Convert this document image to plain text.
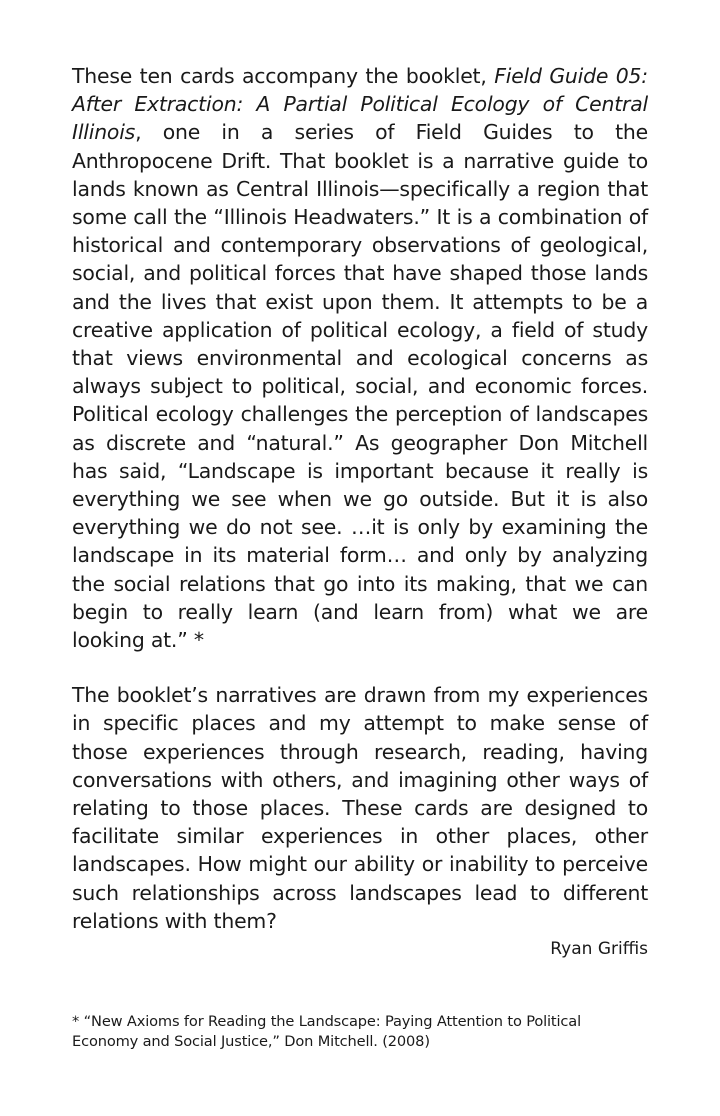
These ten cards accompany the booklet, Field Guide 05: After Extraction: A Partial Political Ecology of Central Illinois, one in a series of Field Guides to the Anthropocene Drift. That booklet is a narrative guide to lands known as Central Illinois—specifically a region that some call the “Illinois Headwaters.” It is a combination of historical and contemporary observations of geological, social, and political forces that have shaped those lands and the lives that exist upon them. It attempts to be a creative application of political ecology, a field of study that views environmental and ecological concerns as always subject to political, social, and economic forces. Political ecology challenges the perception of landscapes as discrete and “natural.” As geographer Don Mitchell has said, “Landscape is important because it really is everything we see when we go outside. But it is also everything we do not see. …it is only by examining the landscape in its material form… and only by analyzing the social relations that go into its making, that we can begin to really learn (and learn from) what we are looking at.” *

The booklet’s narratives are drawn from my experiences in specific places and my attempt to make sense of those experiences through research, reading, having conversations with others, and imagining other ways of relating to those places. These cards are designed to facilitate similar experiences in other places, other landscapes. How might our ability or inability to perceive such relationships across landscapes lead to different relations with them?

Ryan Griffis

* “New Axioms for Reading the Landscape: Paying Attention to Political Economy and Social Justice,” Don Mitchell. (2008)
